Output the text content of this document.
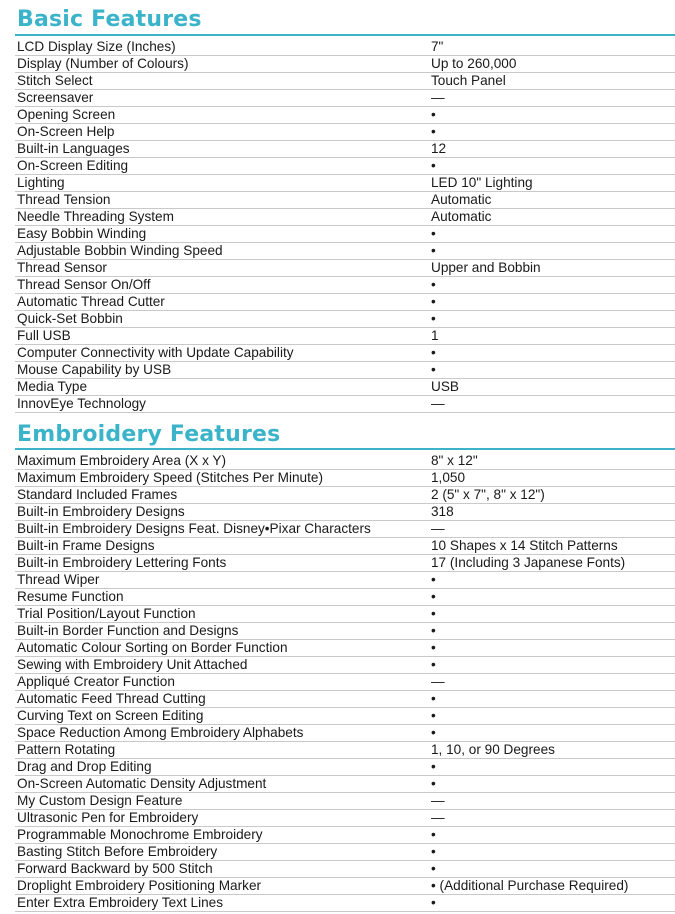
Basic Features
LCD Display Size (Inches)	7"
Display (Number of Colours)	Up to 260,000
Stitch Select	Touch Panel
Screensaver	—
Opening Screen	•
On-Screen Help	•
Built-in Languages	12
On-Screen Editing	•
Lighting	LED 10" Lighting
Thread Tension	Automatic
Needle Threading System	Automatic
Easy Bobbin Winding	•
Adjustable Bobbin Winding Speed	•
Thread Sensor	Upper and Bobbin
Thread Sensor On/Off	•
Automatic Thread Cutter	•
Quick-Set Bobbin	•
Full USB	1
Computer Connectivity with Update Capability	•
Mouse Capability by USB	•
Media Type	USB
InnovEye Technology	—
Embroidery Features
Maximum Embroidery Area (X x Y)	8" x 12"
Maximum Embroidery Speed (Stitches Per Minute)	1,050
Standard Included Frames	2 (5" x 7", 8" x 12")
Built-in Embroidery Designs	318
Built-in Embroidery Designs Feat. Disney•Pixar Characters	—
Built-in Frame Designs	10 Shapes x 14 Stitch Patterns
Built-in Embroidery Lettering Fonts	17 (Including 3 Japanese Fonts)
Thread Wiper	•
Resume Function	•
Trial Position/Layout Function	•
Built-in Border Function and Designs	•
Automatic Colour Sorting on Border Function	•
Sewing with Embroidery Unit Attached	•
Appliqué Creator Function	—
Automatic Feed Thread Cutting	•
Curving Text on Screen Editing	•
Space Reduction Among Embroidery Alphabets	•
Pattern Rotating	1, 10, or 90 Degrees
Drag and Drop Editing	•
On-Screen Automatic Density Adjustment	•
My Custom Design Feature	—
Ultrasonic Pen for Embroidery	—
Programmable Monochrome Embroidery	•
Basting Stitch Before Embroidery	•
Forward Backward by 500 Stitch	•
Droplight Embroidery Positioning Marker	• (Additional Purchase Required)
Enter Extra Embroidery Text Lines	•
